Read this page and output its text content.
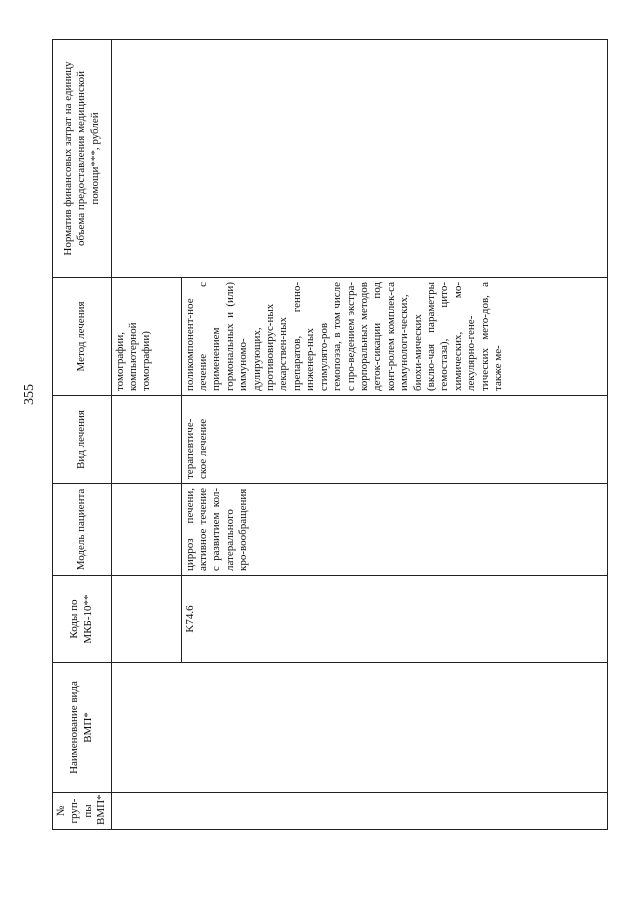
355
№ груп-пы ВМП*	Наименование вида ВМП*	Коды по МКБ-10**	Модель пациента	Вид лечения	Метод лечения	Норматив финансовых затрат на единицу объема предоставления медицинской помощи***, рублей
					томографии, компьютерной томографии)	
		K74.6	цирроз печени, активное течение с развитием кол-латерального кро-вообращения	терапевтиче-ское лечение	поликомпонент-ное лечение с применением гормональных и (или) иммуномо-дулирующих, противовирус-ных лекарствен-ных препаратов, генно-инженер-ных стимулято-ров гемопоэза, в том числе с про-ведением экстра-корпоральных методов деток-сикации под конт-ролем комплек-са иммунологи-ческих, биохи-мических (вклю-чая параметры гемостаза), цито-химических, мо-лекулярно-гене-тических мето-дов, а также ме-	
